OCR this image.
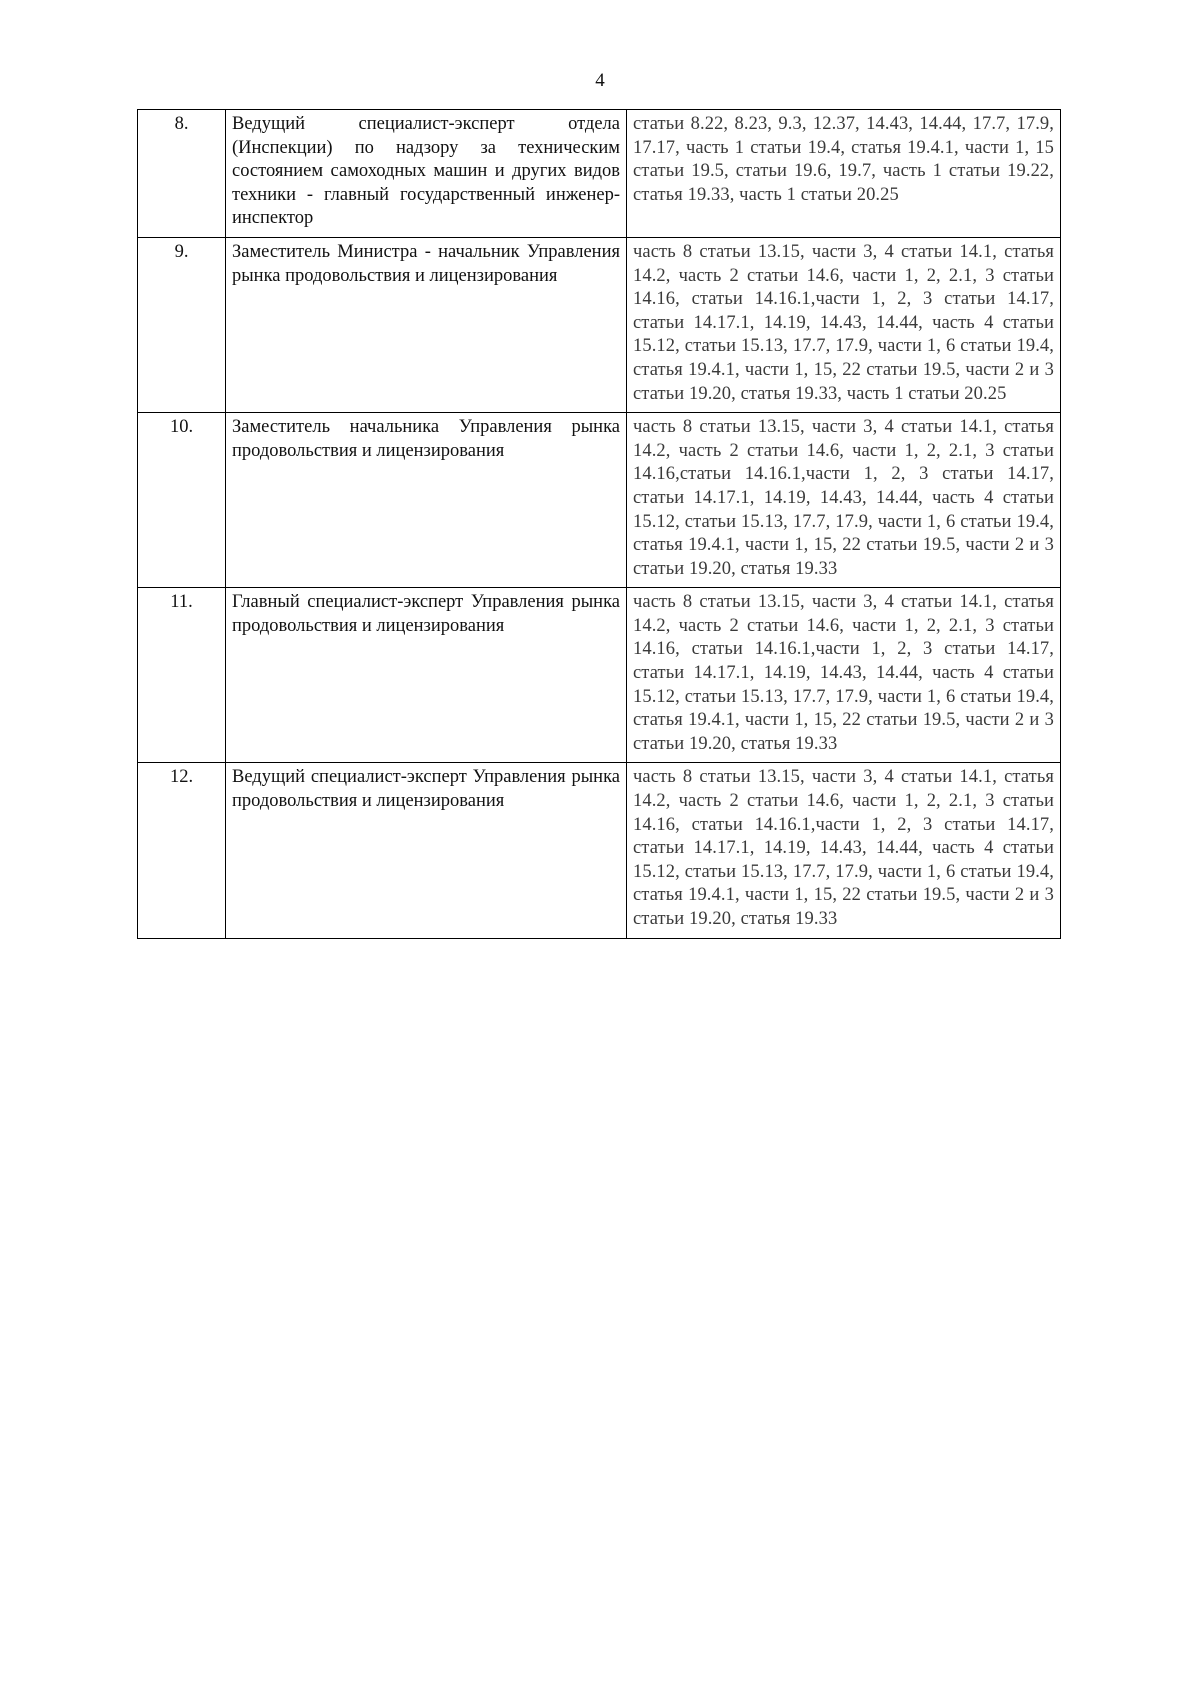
4
8.	Ведущий специалист-эксперт отдела (Инспекции) по надзору за техническим состоянием самоходных машин и других видов техники - главный государственный инженер-инспектор	статьи 8.22, 8.23, 9.3, 12.37, 14.43, 14.44, 17.7, 17.9, 17.17, часть 1 статьи 19.4, статья 19.4.1, части 1, 15 статьи 19.5, статьи 19.6, 19.7, часть 1 статьи 19.22, статья 19.33, часть 1 статьи 20.25
9.	Заместитель Министра - начальник Управления рынка продовольствия и лицензирования	часть 8 статьи 13.15, части 3, 4 статьи 14.1, статья 14.2, часть 2 статьи 14.6, части 1, 2, 2.1, 3 статьи 14.16, статьи 14.16.1,части 1, 2, 3 статьи 14.17, статьи 14.17.1, 14.19, 14.43, 14.44, часть 4 статьи 15.12, статьи 15.13, 17.7, 17.9, части 1, 6 статьи 19.4, статья 19.4.1, части 1, 15, 22 статьи 19.5, части 2 и 3 статьи 19.20, статья 19.33, часть 1 статьи 20.25
10.	Заместитель начальника Управления рынка продовольствия и лицензирования	часть 8 статьи 13.15, части 3, 4 статьи 14.1, статья 14.2, часть 2 статьи 14.6, части 1, 2, 2.1, 3 статьи 14.16,статьи 14.16.1,части 1, 2, 3 статьи 14.17, статьи 14.17.1, 14.19, 14.43, 14.44, часть 4 статьи 15.12, статьи 15.13, 17.7, 17.9, части 1, 6 статьи 19.4, статья 19.4.1, части 1, 15, 22 статьи 19.5, части 2 и 3 статьи 19.20, статья 19.33
11.	Главный специалист-эксперт Управления рынка продовольствия и лицензирования	часть 8 статьи 13.15, части 3, 4 статьи 14.1, статья 14.2, часть 2 статьи 14.6, части 1, 2, 2.1, 3 статьи 14.16, статьи 14.16.1,части 1, 2, 3 статьи 14.17, статьи 14.17.1, 14.19, 14.43, 14.44, часть 4 статьи 15.12, статьи 15.13, 17.7, 17.9, части 1, 6 статьи 19.4, статья 19.4.1, части 1, 15, 22 статьи 19.5, части 2 и 3 статьи 19.20, статья 19.33
12.	Ведущий специалист-эксперт Управления рынка продовольствия и лицензирования	часть 8 статьи 13.15, части 3, 4 статьи 14.1, статья 14.2, часть 2 статьи 14.6, части 1, 2, 2.1, 3 статьи 14.16, статьи 14.16.1,части 1, 2, 3 статьи 14.17, статьи 14.17.1, 14.19, 14.43, 14.44, часть 4 статьи 15.12, статьи 15.13, 17.7, 17.9, части 1, 6 статьи 19.4, статья 19.4.1, части 1, 15, 22 статьи 19.5, части 2 и 3 статьи 19.20, статья 19.33
